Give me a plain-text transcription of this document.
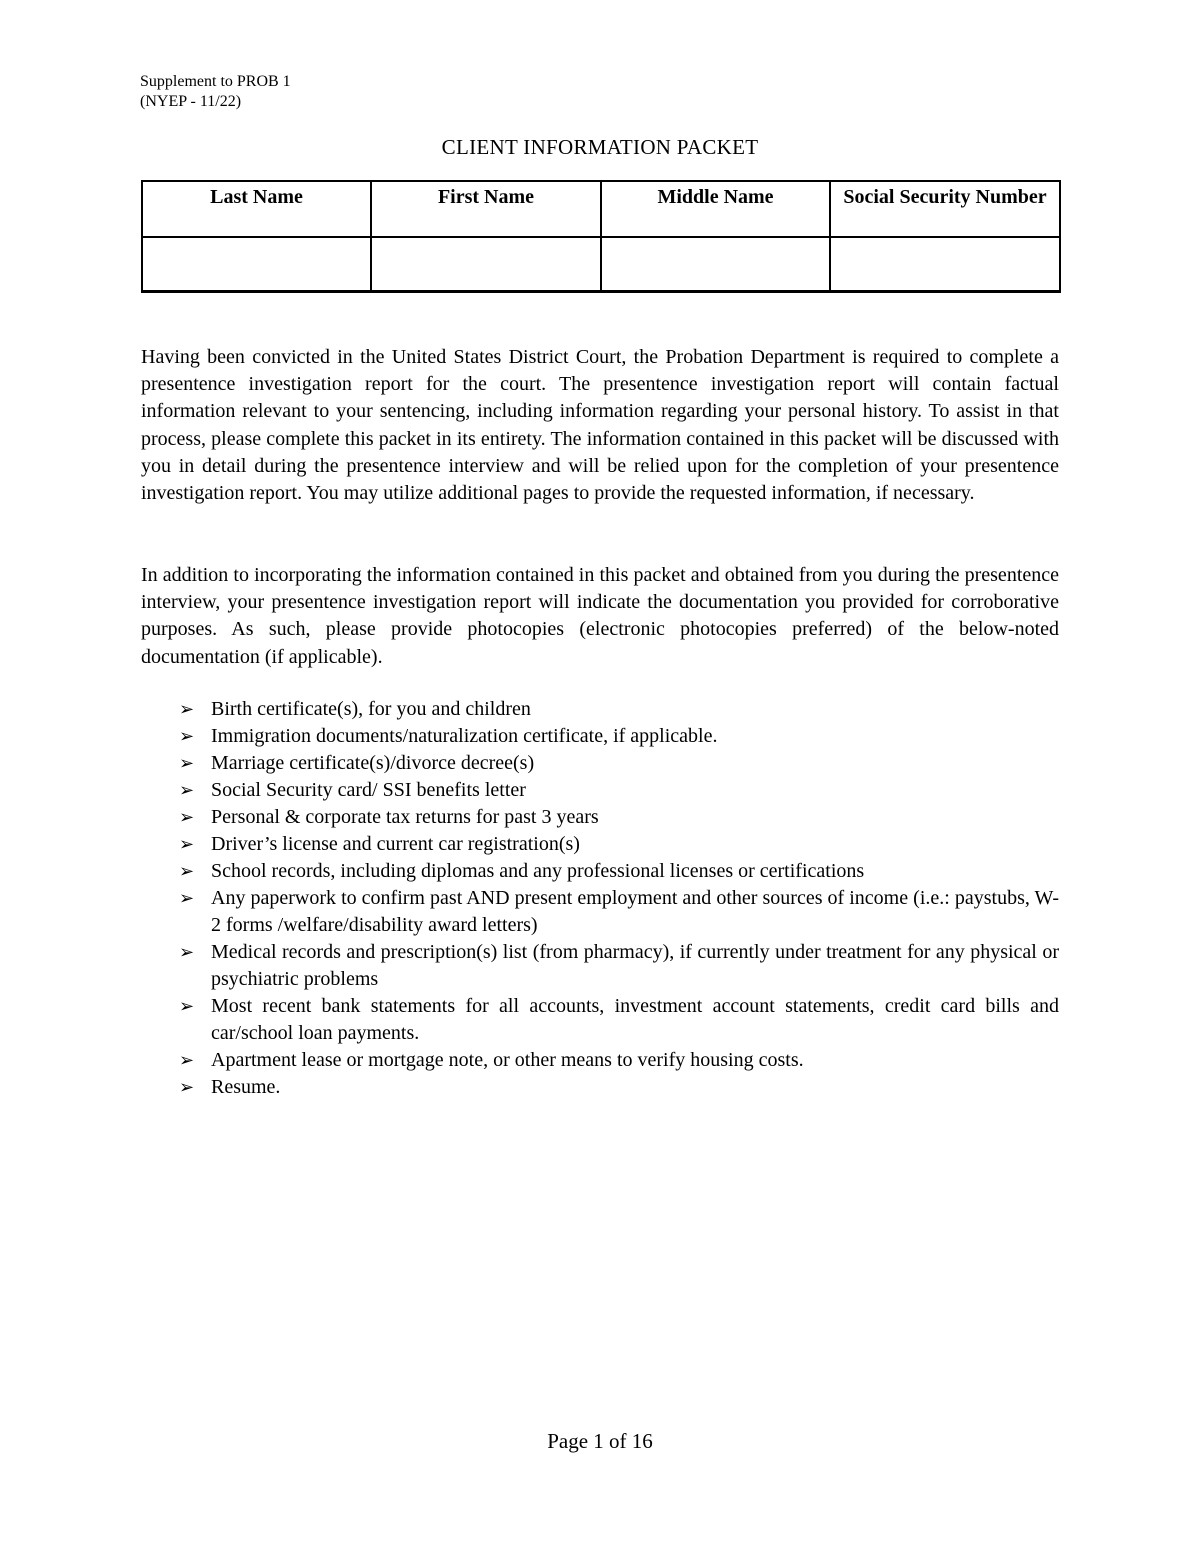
Supplement to PROB 1
(NYEP - 11/22)
CLIENT INFORMATION PACKET
Last Name	First Name	Middle Name	Social Security Number

Having been convicted in the United States District Court, the Probation Department is required to complete a presentence investigation report for the court. The presentence investigation report will contain factual information relevant to your sentencing, including information regarding your personal history. To assist in that process, please complete this packet in its entirety. The information contained in this packet will be discussed with you in detail during the presentence interview and will be relied upon for the completion of your presentence investigation report. You may utilize additional pages to provide the requested information, if necessary.

In addition to incorporating the information contained in this packet and obtained from you during the presentence interview, your presentence investigation report will indicate the documentation you provided for corroborative purposes. As such, please provide photocopies (electronic photocopies preferred) of the below-noted documentation (if applicable).

➢ Birth certificate(s), for you and children
➢ Immigration documents/naturalization certificate, if applicable.
➢ Marriage certificate(s)/divorce decree(s)
➢ Social Security card/ SSI benefits letter
➢ Personal & corporate tax returns for past 3 years
➢ Driver’s license and current car registration(s)
➢ School records, including diplomas and any professional licenses or certifications
➢ Any paperwork to confirm past AND present employment and other sources of income (i.e.: paystubs, W-2 forms /welfare/disability award letters)
➢ Medical records and prescription(s) list (from pharmacy), if currently under treatment for any physical or psychiatric problems
➢ Most recent bank statements for all accounts, investment account statements, credit card bills and car/school loan payments.
➢ Apartment lease or mortgage note, or other means to verify housing costs.
➢ Resume.
Page 1 of 16
